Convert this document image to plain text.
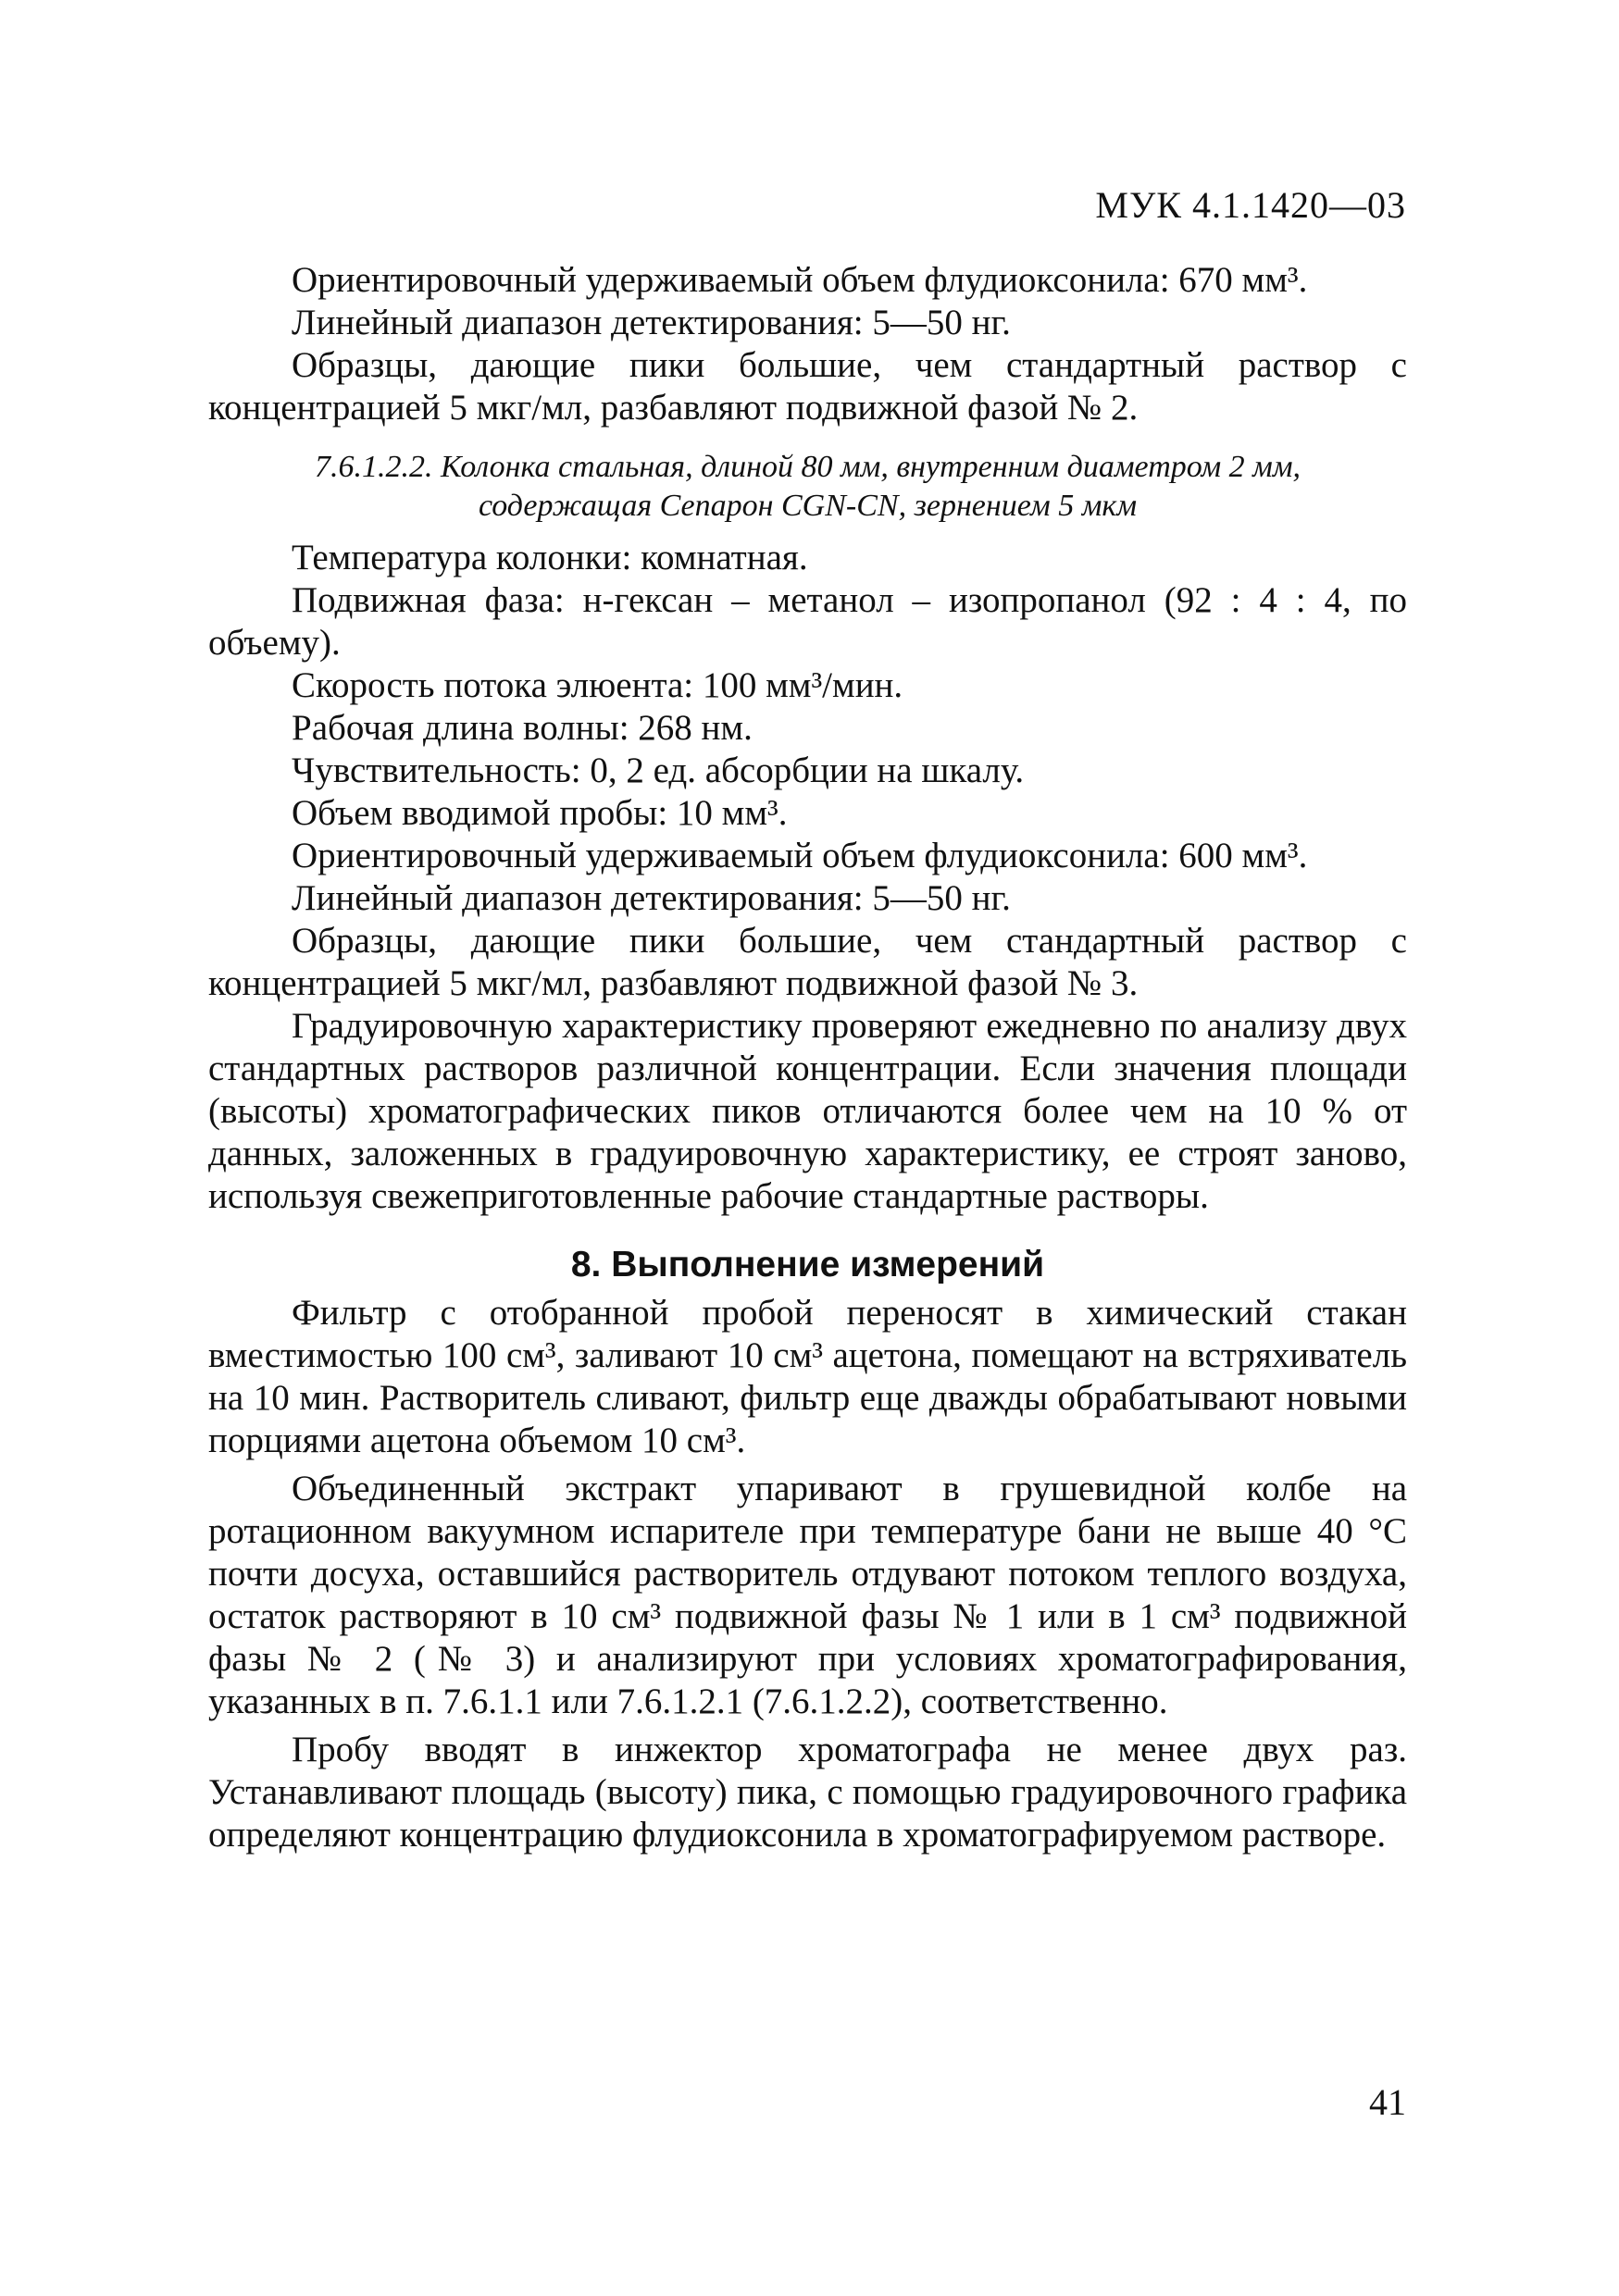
МУК 4.1.1420—03

Ориентировочный удерживаемый объем флудиоксонила: 670 мм³.

Линейный диапазон детектирования: 5—50 нг.

Образцы, дающие пики большие, чем стандартный раствор с концентрацией 5 мкг/мл, разбавляют подвижной фазой № 2.

7.6.1.2.2. Колонка стальная, длиной 80 мм, внутренним диаметром 2 мм,
содержащая Сепарон CGN-CN, зернением 5 мкм

Температура колонки: комнатная.

Подвижная фаза: н-гексан – метанол – изопропанол (92 : 4 : 4, по объему).

Скорость потока элюента: 100 мм³/мин.

Рабочая длина волны: 268 нм.

Чувствительность: 0, 2 ед. абсорбции на шкалу.

Объем вводимой пробы: 10 мм³.

Ориентировочный удерживаемый объем флудиоксонила: 600 мм³.

Линейный диапазон детектирования: 5—50 нг.

Образцы, дающие пики большие, чем стандартный раствор с концентрацией 5 мкг/мл, разбавляют подвижной фазой № 3.

Градуировочную характеристику проверяют ежедневно по анализу двух стандартных растворов различной концентрации. Если значения площади (высоты) хроматографических пиков отличаются более чем на 10 % от данных, заложенных в градуировочную характеристику, ее строят заново, используя свежеприготовленные рабочие стандартные растворы.

8. Выполнение измерений

Фильтр с отобранной пробой переносят в химический стакан вместимостью 100 см³, заливают 10 см³ ацетона, помещают на встряхиватель на 10 мин. Растворитель сливают, фильтр еще дважды обрабатывают новыми порциями ацетона объемом 10 см³.

Объединенный экстракт упаривают в грушевидной колбе на ротационном вакуумном испарителе при температуре бани не выше 40 °С почти досуха, оставшийся растворитель отдувают потоком теплого воздуха, остаток растворяют в 10 см³ подвижной фазы № 1 или в 1 см³ подвижной фазы № 2 (№ 3) и анализируют при условиях хроматографирования, указанных в п. 7.6.1.1 или 7.6.1.2.1 (7.6.1.2.2), соответственно.

Пробу вводят в инжектор хроматографа не менее двух раз. Устанавливают площадь (высоту) пика, с помощью градуировочного графика определяют концентрацию флудиоксонила в хроматографируемом растворе.

41
